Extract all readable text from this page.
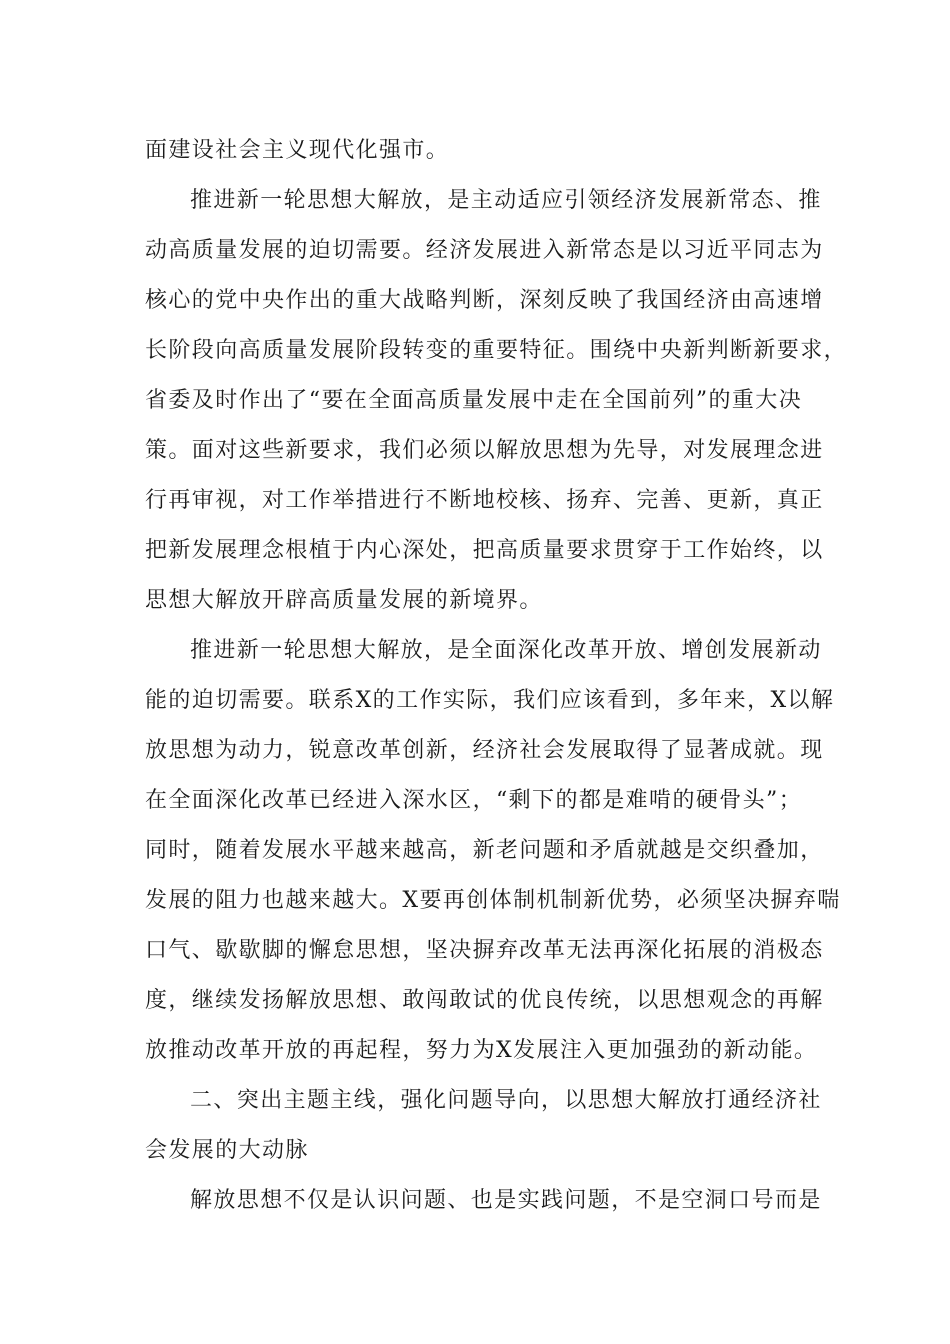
面建设社会主义现代化强市。
推进新一轮思想大解放，是主动适应引领经济发展新常态、推
动高质量发展的迫切需要。经济发展进入新常态是以习近平同志为
核心的党中央作出的重大战略判断，深刻反映了我国经济由高速增
长阶段向高质量发展阶段转变的重要特征。围绕中央新判断新要求，
省委及时作出了“要在全面高质量发展中走在全国前列”的重大决
策。面对这些新要求，我们必须以解放思想为先导，对发展理念进
行再审视，对工作举措进行不断地校核、扬弃、完善、更新，真正
把新发展理念根植于内心深处，把高质量要求贯穿于工作始终，以
思想大解放开辟高质量发展的新境界。
推进新一轮思想大解放，是全面深化改革开放、增创发展新动
能的迫切需要。联系X的工作实际，我们应该看到，多年来，X以解
放思想为动力，锐意改革创新，经济社会发展取得了显著成就。现
在全面深化改革已经进入深水区，“剩下的都是难啃的硬骨头”；
同时，随着发展水平越来越高，新老问题和矛盾就越是交织叠加，
发展的阻力也越来越大。X要再创体制机制新优势，必须坚决摒弃喘
口气、歇歇脚的懈怠思想，坚决摒弃改革无法再深化拓展的消极态
度，继续发扬解放思想、敢闯敢试的优良传统，以思想观念的再解
放推动改革开放的再起程，努力为X发展注入更加强劲的新动能。
二、突出主题主线，强化问题导向，以思想大解放打通经济社
会发展的大动脉
解放思想不仅是认识问题、也是实践问题，不是空洞口号而是
